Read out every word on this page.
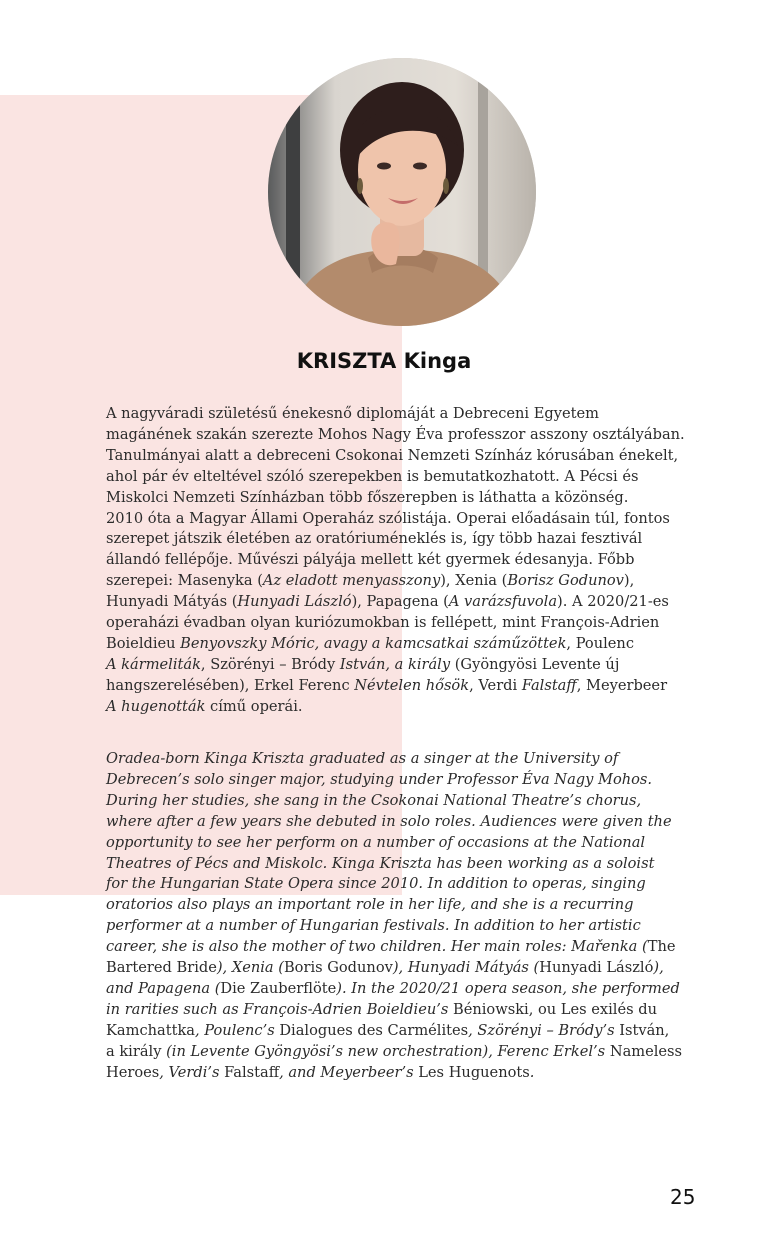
KRISZTA Kinga
A nagyváradi születésű énekesnő diplomáját a Debreceni Egyetem
magánének szakán szerezte Mohos Nagy Éva professzor asszony osztályában.
Tanulmányai alatt a debreceni Csokonai Nemzeti Színház kórusában énekelt,
ahol pár év elteltével szóló szerepekben is bemutatkozhatott. A Pécsi és
Miskolci Nemzeti Színházban több főszerepben is láthatta a közönség.
2010 óta a Magyar Állami Operaház szólistája. Operai előadásain túl, fontos
szerepet játszik életében az oratóriuméneklés is, így több hazai fesztivál
állandó fellépője. Művészi pályája mellett két gyermek édesanyja. Főbb
szerepei: Masenyka (Az eladott menyasszony), Xenia (Borisz Godunov),
Hunyadi Mátyás (Hunyadi László), Papagena (A varázsfuvola). A 2020/21-es
operaházi évadban olyan kuriózumokban is fellépett, mint François-Adrien
Boieldieu Benyovszky Móric, avagy a kamcsatkai száműzöttek, Poulenc
A kármeliták, Szörényi – Bródy István, a király (Gyöngyösi Levente új
hangszerelésében), Erkel Ferenc Névtelen hősök, Verdi Falstaff, Meyerbeer
A hugenották című operái.
Oradea-born Kinga Kriszta graduated as a singer at the University of
Debrecen’s solo singer major, studying under Professor Éva Nagy Mohos.
During her studies, she sang in the Csokonai National Theatre’s chorus,
where after a few years she debuted in solo roles. Audiences were given the
opportunity to see her perform on a number of occasions at the National
Theatres of Pécs and Miskolc. Kinga Kriszta has been working as a soloist
for the Hungarian State Opera since 2010. In addition to operas, singing
oratorios also plays an important role in her life, and she is a recurring
performer at a number of Hungarian festivals. In addition to her artistic
career, she is also the mother of two children. Her main roles: Mařenka (The
Bartered Bride), Xenia (Boris Godunov), Hunyadi Mátyás (Hunyadi László),
and Papagena (Die Zauberflöte). In the 2020/21 opera season, she performed
in rarities such as François-Adrien Boieldieu’s Béniowski, ou Les exilés du
Kamchattka, Poulenc’s Dialogues des Carmélites, Szörényi – Bródy’s István,
a király (in Levente Gyöngyösi’s new orchestration), Ferenc Erkel’s Nameless
Heroes, Verdi’s Falstaff, and Meyerbeer’s Les Huguenots.
25
